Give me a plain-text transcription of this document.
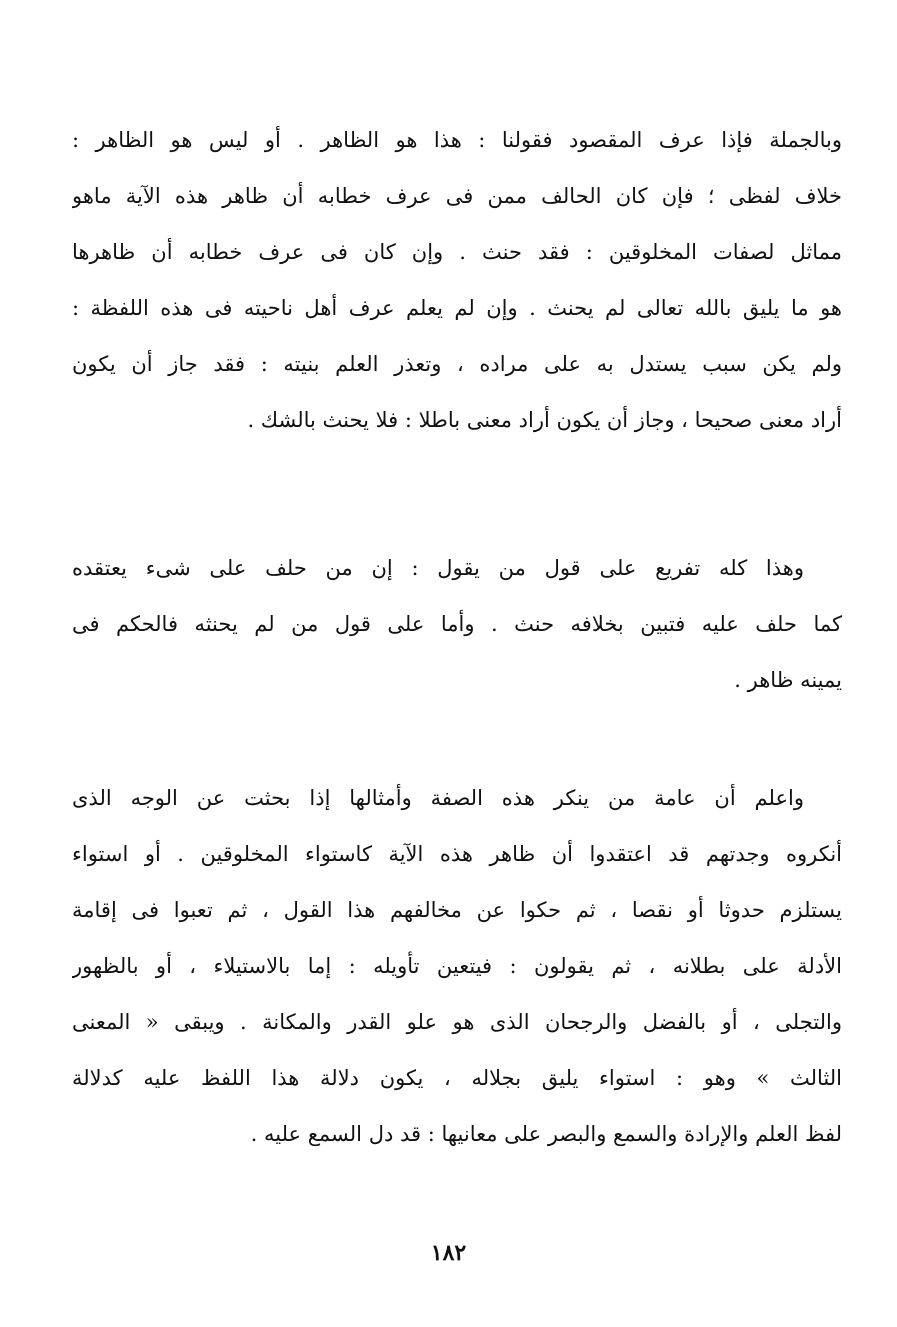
وبالجملة فإذا عرف المقصود فقولنا : هذا هو الظاهر . أو ليس هو الظاهر :
خلاف لفظى ؛ فإن كان الحالف ممن فى عرف خطابه أن ظاهر هذه الآية ماهو
مماثل لصفات المخلوقين : فقد حنث . وإن كان فى عرف خطابه أن ظاهرها
هو ما يليق بالله تعالى لم يحنث . وإن لم يعلم عرف أهل ناحيته فى هذه اللفظة :
ولم يكن سبب يستدل به على مراده ، وتعذر العلم بنيته : فقد جاز أن يكون
أراد معنى صحيحا ، وجاز أن يكون أراد معنى باطلا : فلا يحنث بالشك .
وهذا كله تفريع على قول من يقول : إن من حلف على شىء يعتقده
كما حلف عليه فتبين بخلافه حنث . وأما على قول من لم يحنثه فالحكم فى
يمينه ظاهر .
واعلم أن عامة من ينكر هذه الصفة وأمثالها إذا بحثت عن الوجه الذى
أنكروه وجدتهم قد اعتقدوا أن ظاهر هذه الآية كاستواء المخلوقين . أو استواء
يستلزم حدوثا أو نقصا ، ثم حكوا عن مخالفهم هذا القول ، ثم تعبوا فى إقامة
الأدلة على بطلانه ، ثم يقولون : فيتعين تأويله : إما بالاستيلاء ، أو بالظهور
والتجلى ، أو بالفضل والرجحان الذى هو علو القدر والمكانة . ويبقى « المعنى
الثالث » وهو : استواء يليق بجلاله ، يكون دلالة هذا اللفظ عليه كدلالة
لفظ العلم والإرادة والسمع والبصر على معانيها : قد دل السمع عليه .
١٨٢
